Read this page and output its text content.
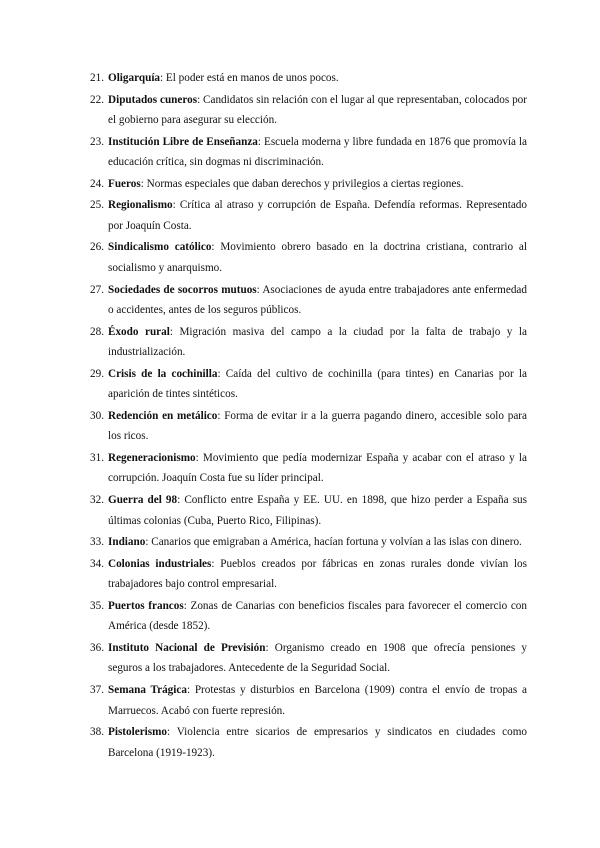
21. Oligarquía: El poder está en manos de unos pocos.
22. Diputados cuneros: Candidatos sin relación con el lugar al que representaban, colocados por el gobierno para asegurar su elección.
23. Institución Libre de Enseñanza: Escuela moderna y libre fundada en 1876 que promovía la educación crítica, sin dogmas ni discriminación.
24. Fueros: Normas especiales que daban derechos y privilegios a ciertas regiones.
25. Regionalismo: Crítica al atraso y corrupción de España. Defendía reformas. Representado por Joaquín Costa.
26. Sindicalismo católico: Movimiento obrero basado en la doctrina cristiana, contrario al socialismo y anarquismo.
27. Sociedades de socorros mutuos: Asociaciones de ayuda entre trabajadores ante enfermedad o accidentes, antes de los seguros públicos.
28. Éxodo rural: Migración masiva del campo a la ciudad por la falta de trabajo y la industrialización.
29. Crisis de la cochinilla: Caída del cultivo de cochinilla (para tintes) en Canarias por la aparición de tintes sintéticos.
30. Redención en metálico: Forma de evitar ir a la guerra pagando dinero, accesible solo para los ricos.
31. Regeneracionismo: Movimiento que pedía modernizar España y acabar con el atraso y la corrupción. Joaquín Costa fue su líder principal.
32. Guerra del 98: Conflicto entre España y EE. UU. en 1898, que hizo perder a España sus últimas colonias (Cuba, Puerto Rico, Filipinas).
33. Indiano: Canarios que emigraban a América, hacían fortuna y volvían a las islas con dinero.
34. Colonias industriales: Pueblos creados por fábricas en zonas rurales donde vivían los trabajadores bajo control empresarial.
35. Puertos francos: Zonas de Canarias con beneficios fiscales para favorecer el comercio con América (desde 1852).
36. Instituto Nacional de Previsión: Organismo creado en 1908 que ofrecía pensiones y seguros a los trabajadores. Antecedente de la Seguridad Social.
37. Semana Trágica: Protestas y disturbios en Barcelona (1909) contra el envío de tropas a Marruecos. Acabó con fuerte represión.
38. Pistolerismo: Violencia entre sicarios de empresarios y sindicatos en ciudades como Barcelona (1919-1923).
